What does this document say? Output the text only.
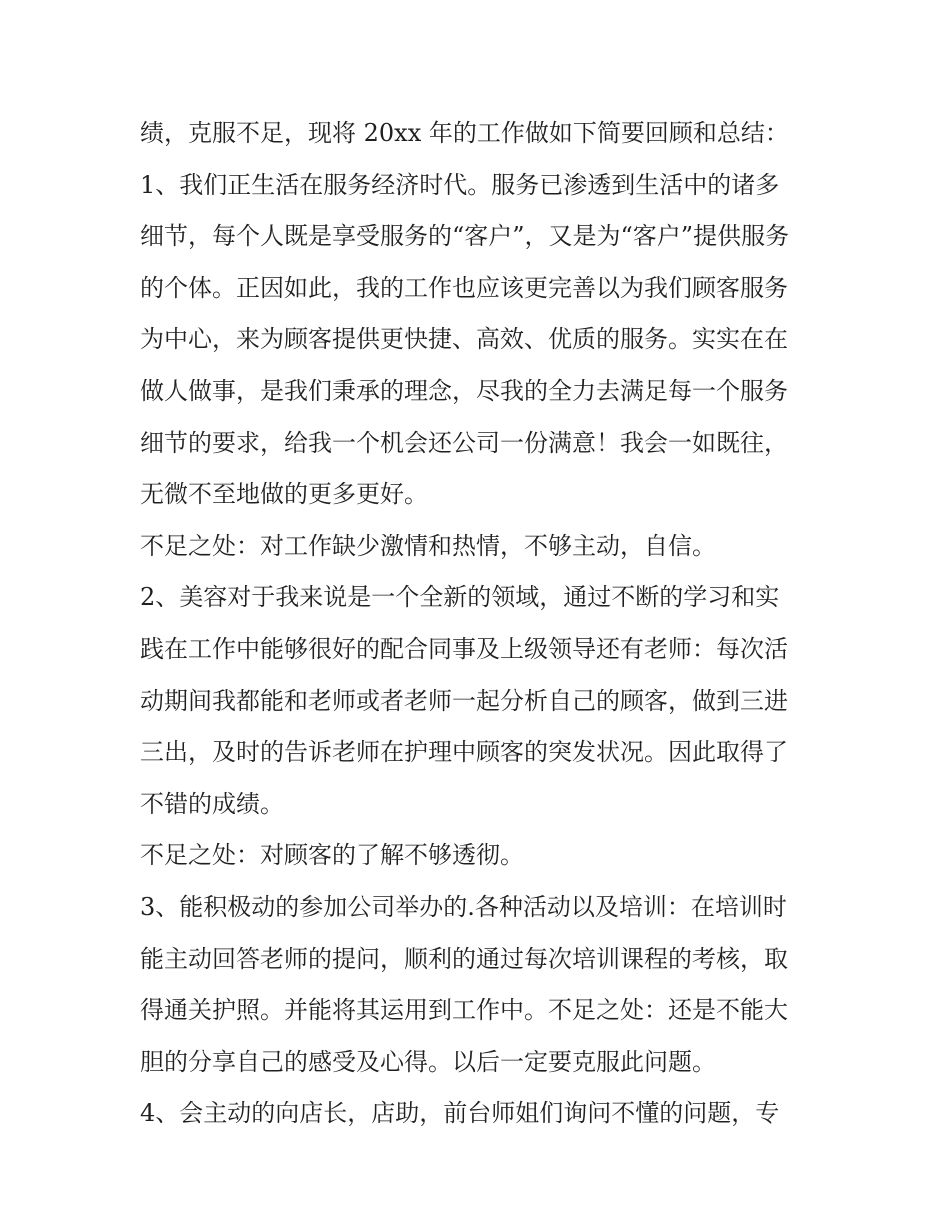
绩，克服不足，现将 20xx 年的工作做如下简要回顾和总结：
1、我们正生活在服务经济时代。服务已渗透到生活中的诸多
细节，每个人既是享受服务的“客户”，又是为“客户”提供服务
的个体。正因如此，我的工作也应该更完善以为我们顾客服务
为中心，来为顾客提供更快捷、高效、优质的服务。实实在在
做人做事，是我们秉承的理念，尽我的全力去满足每一个服务
细节的要求，给我一个机会还公司一份满意！我会一如既往，
无微不至地做的更多更好。
不足之处：对工作缺少激情和热情，不够主动，自信。
2、美容对于我来说是一个全新的领域，通过不断的学习和实
践在工作中能够很好的配合同事及上级领导还有老师：每次活
动期间我都能和老师或者老师一起分析自己的顾客，做到三进
三出，及时的告诉老师在护理中顾客的突发状况。因此取得了
不错的成绩。
不足之处：对顾客的了解不够透彻。
3、能积极动的参加公司举办的.各种活动以及培训：在培训时
能主动回答老师的提问，顺利的通过每次培训课程的考核，取
得通关护照。并能将其运用到工作中。不足之处：还是不能大
胆的分享自己的感受及心得。以后一定要克服此问题。
4、会主动的向店长，店助，前台师姐们询问不懂的问题，专
